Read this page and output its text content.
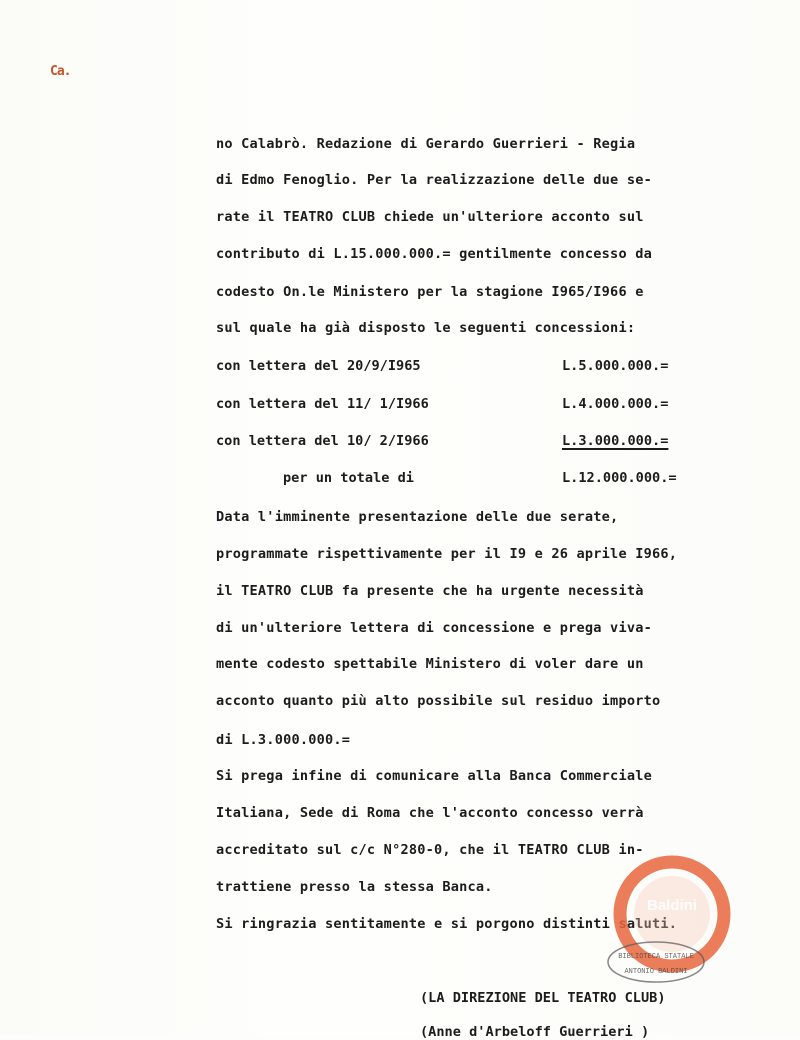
Ca.
no Calabrò. Redazione di Gerardo Guerrieri - Regia
di Edmo Fenoglio. Per la realizzazione delle due se-
rate il TEATRO CLUB chiede un'ulteriore acconto sul
contributo di L.15.000.000.= gentilmente concesso da
codesto On.le Ministero per la stagione I965/I966 e
sul quale ha già disposto le seguenti concessioni:
con lettera del 20/9/I965	L.5.000.000.=
con lettera del 11/ 1/I966	L.4.000.000.=
con lettera del 10/ 2/I966	L.3.000.000.=
per un totale di	L.12.000.000.=
Data l'imminente presentazione delle due serate,
programmate rispettivamente per il I9 e 26 aprile I966,
il TEATRO CLUB fa presente che ha urgente necessità
di un'ulteriore lettera di concessione e prega viva-
mente codesto spettabile Ministero di voler dare un
acconto quanto più alto possibile sul residuo importo
di L.3.000.000.=
Si prega infine di comunicare alla Banca Commerciale
Italiana, Sede di Roma che l'acconto concesso verrà
accreditato sul c/c N°280-0, che il TEATRO CLUB in-
trattiene presso la stessa Banca.
Si ringrazia sentitamente e si porgono distinti saluti.
(LA DIREZIONE DEL TEATRO CLUB)
(Anne d'Arbeloff Guerrieri )
Baldini
BIBLIOTECA STATALE
ANTONIO BALDINI
